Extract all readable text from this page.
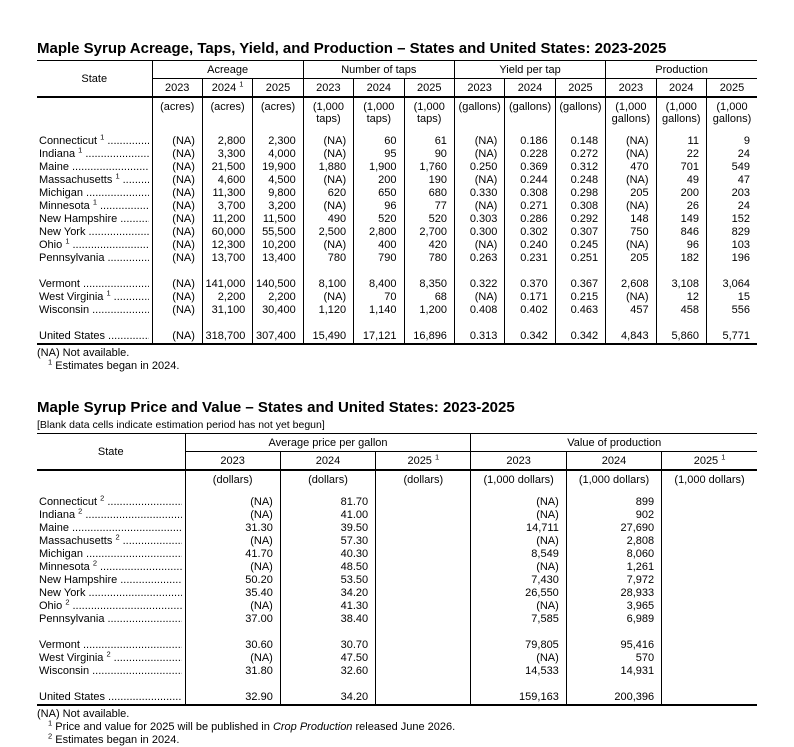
Maple Syrup Acreage, Taps, Yield, and Production – States and United States: 2023-2025
State	Acreage			Number of taps			Yield per tap			Production		
	2023	2024 $^1$	2025	2023	2024	2025	2023	2024	2025	2023	2024	2025
	(acres)	(acres)	(acres)	(1,000 taps)	(1,000 taps)	(1,000 taps)	(gallons)	(gallons)	(gallons)	(1,000 gallons)	(1,000 gallons)	(1,000 gallons)

Connecticut $^1$
.....	(NA)	2,800	2,300	(NA)	60	61	(NA)	0.186	0.148	(NA)	11	9

Indiana $^1$
.....	(NA)	3,300	4,000	(NA)	95	90	(NA)	0.228	0.272	(NA)	22	24

Maine
.....	(NA)	21,500	19,900	1,880	1,900	1,760	0.250	0.369	0.312	470	701	549

Massachusetts $^1$
.....	(NA)	4,600	4,500	(NA)	200	190	(NA)	0.244	0.248	(NA)	49	47

Michigan
.....	(NA)	11,300	9,800	620	650	680	0.330	0.308	0.298	205	200	203

Minnesota $^1$
.....	(NA)	3,700	3,200	(NA)	96	77	(NA)	0.271	0.308	(NA)	26	24

New Hampshire
.....	(NA)	11,200	11,500	490	520	520	0.303	0.286	0.292	148	149	152

New York
.....	(NA)	60,000	55,500	2,500	2,800	2,700	0.300	0.302	0.307	750	846	829

Ohio $^1$
.....	(NA)	12,300	10,200	(NA)	400	420	(NA)	0.240	0.245	(NA)	96	103

Pennsylvania
.....	(NA)	13,700	13,400	780	790	780	0.263	0.231	0.251	205	182	196

Vermont
.....	(NA)	141,000	140,500	8,100	8,400	8,350	0.322	0.370	0.367	2,608	3,108	3,064

West Virginia $^1$
.....	(NA)	2,200	2,200	(NA)	70	68	(NA)	0.171	0.215	(NA)	12	15

Wisconsin
.....	(NA)	31,100	30,400	1,120	1,140	1,200	0.408	0.402	0.463	457	458	556

United States
.....	(NA)	318,700	307,400	15,490	17,121	16,896	0.313	0.342	0.342	4,843	5,860	5,771
(NA) Not available.
$^1$ Estimates began in 2024.
Maple Syrup Price and Value – States and United States: 2023-2025
[Blank data cells indicate estimation period has not yet begun]
State	Average price per gallon			Value of production		
	2023	2024	2025 $^1$	2023	2024	2025 $^1$
	(dollars)	(dollars)	(dollars)	(1,000 dollars)	(1,000 dollars)	(1,000 dollars)

Connecticut $^2$
.....	(NA)	81.70		(NA)	899	

Indiana $^2$
.....	(NA)	41.00		(NA)	902	

Maine
.....	31.30	39.50		14,711	27,690	

Massachusetts $^2$
.....	(NA)	57.30		(NA)	2,808	

Michigan
.....	41.70	40.30		8,549	8,060	

Minnesota $^2$
.....	(NA)	48.50		(NA)	1,261	

New Hampshire
.....	50.20	53.50		7,430	7,972	

New York
.....	35.40	34.20		26,550	28,933	

Ohio $^2$
.....	(NA)	41.30		(NA)	3,965	

Pennsylvania
.....	37.00	38.40		7,585	6,989	

Vermont
.....	30.60	30.70		79,805	95,416	

West Virginia $^2$
.....	(NA)	47.50		(NA)	570	

Wisconsin
.....	31.80	32.60		14,533	14,931	

United States
.....	32.90	34.20		159,163	200,396	
(NA) Not available.
$^1$ Price and value for 2025 will be published in Crop Production released June 2026.
$^2$ Estimates began in 2024.
